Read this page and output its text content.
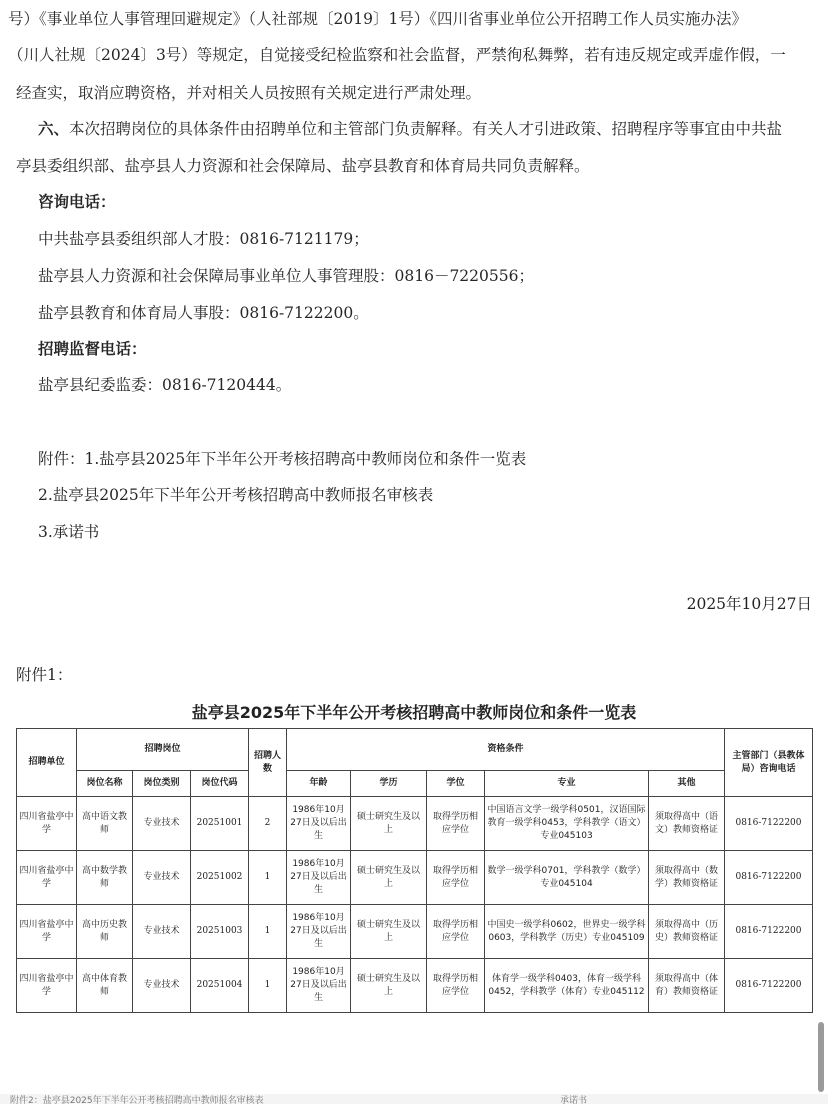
号）《事业单位人事管理回避规定》（人社部规〔2019〕1号）《四川省事业单位公开招聘工作人员实施办法》
（川人社规〔2024〕3号）等规定，自觉接受纪检监察和社会监督，严禁徇私舞弊，若有违反规定或弄虚作假，一
经查实，取消应聘资格，并对相关人员按照有关规定进行严肃处理。
六、本次招聘岗位的具体条件由招聘单位和主管部门负责解释。有关人才引进政策、招聘程序等事宜由中共盐
亭县委组织部、盐亭县人力资源和社会保障局、盐亭县教育和体育局共同负责解释。
咨询电话：
中共盐亭县委组织部人才股：0816-7121179；
盐亭县人力资源和社会保障局事业单位人事管理股：0816－7220556；
盐亭县教育和体育局人事股：0816-7122200。
招聘监督电话：
盐亭县纪委监委：0816-7120444。
附件：1.盐亭县2025年下半年公开考核招聘高中教师岗位和条件一览表
2.盐亭县2025年下半年公开考核招聘高中教师报名审核表
3.承诺书
2025年10月27日
附件1：
盐亭县2025年下半年公开考核招聘高中教师岗位和条件一览表
招聘单位	招聘岗位			招聘人数	资格条件					主管部门（县教体局）咨询电话
	岗位名称	岗位类别	岗位代码		年龄	学历	学位	专业	其他	
四川省盐亭中学	高中语文教师	专业技术	20251001	2	1986年10月27日及以后出生	硕士研究生及以上	取得学历相应学位	中国语言文学一级学科0501，汉语国际教育一级学科0453，学科教学（语文）专业045103	须取得高中（语文）教师资格证	0816-7122200
四川省盐亭中学	高中数学教师	专业技术	20251002	1	1986年10月27日及以后出生	硕士研究生及以上	取得学历相应学位	数学一级学科0701，学科教学（数学）专业045104	须取得高中（数学）教师资格证	0816-7122200
四川省盐亭中学	高中历史教师	专业技术	20251003	1	1986年10月27日及以后出生	硕士研究生及以上	取得学历相应学位	中国史一级学科0602，世界史一级学科0603，学科教学（历史）专业045109	须取得高中（历史）教师资格证	0816-7122200
四川省盐亭中学	高中体育教师	专业技术	20251004	1	1986年10月27日及以后出生	硕士研究生及以上	取得学历相应学位	体育学一级学科0403，体育一级学科0452，学科教学（体育）专业045112	须取得高中（体育）教师资格证	0816-7122200
附件2：盐亭县2025年下半年公开考核招聘高中教师报名审核表	承诺书
